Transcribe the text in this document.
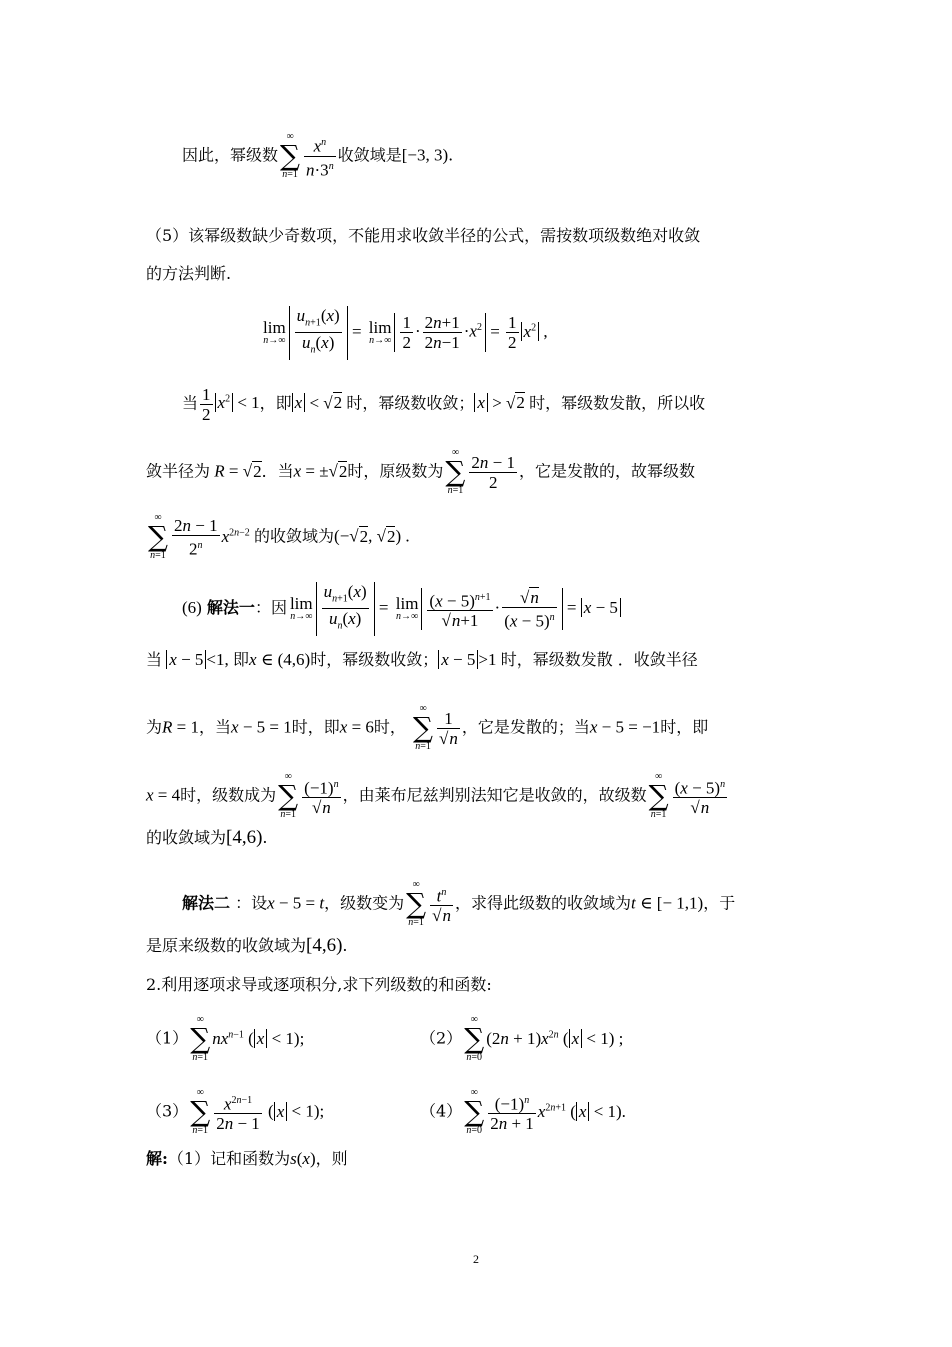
因此，幂级数
∞
∑
$n=1 \frac{x^n}{n\cdot 3^n}$ 收敛域是[−3, 3).
（5）该幂级数缺少奇数项，不能用求收敛半径的公式，需按数项级数绝对收敛
的方法判断.
lim
$n\to\infty \frac{u_{n+1}(x)}{u_n(x)} = \lim$
$n\to\infty \frac{1}{2} \cdot \frac{2n+1}{2n-1} \cdot x^2 = \frac{1}{2} x^2$ ,
当 $\frac{1}{2} x^2 < 1$，即 x < √2 时，幂级数收敛； x > √2 时，幂级数发散，所以收
敛半径为 R = √2．当x = ±√2时，原级数为
∞
∑
$n=1 \frac{2n - 1}{2}$ ，它是发散的，故幂级数
∞
∑
$n=1 \frac{2n - 1}{2^n} x^{2n-2}$ 的收敛域为(−√2, √2) .
(6) 解法一：因 lim
$n\to\infty \frac{u_{n+1}(x)}{u_n(x)} = \lim$
$n\to\infty \frac{(x - 5)^{n+1}}{√n+1} \cdot \frac{√n}{(x - 5)^n} = x - 5$
当 x − 5 <1, 即x ∈ (4,6)时，幂级数收敛； x − 5 >1 时，幂级数发散 ．收敛半径
为R = 1，当x − 5 = 1时，即x = 6时，
∞
∑
$n=1 \frac{1}{√n}$ ，它是发散的；当x − 5 = −1时，即
x = 4时，级数成为
∞
∑
$n=1 \frac{(-1)^n}{√n}$ ，由莱布尼兹判别法知它是收敛的，故级数
∞
∑
$n=1 \frac{(x - 5)^n}{√n}$
的收敛域为[4,6).
解法二 ：设x − 5 = t，级数变为
∞
∑
$n=1 \frac{t^n}{√n}$ ，求得此级数的收敛域为t ∈ [− 1,1)，于
是原来级数的收敛域为[4,6).
2.利用逐项求导或逐项积分,求下列级数的和函数:
（1）
∞
∑
n=1
$nx^{n-1}$ ( x < 1);	（2）
∞
∑
n=0
$(2n + 1)x^{2n}$ ( x < 1) ;
（3）
∞
∑
$n=1 \frac{x^{2n-1}}{2n - 1}$ ( x < 1);	（4）
∞
∑
$n=0 \frac{(-1)^n}{2n + 1} x^{2n+1}$ ( x < 1).
解:（1）记和函数为s(x)，则
2
